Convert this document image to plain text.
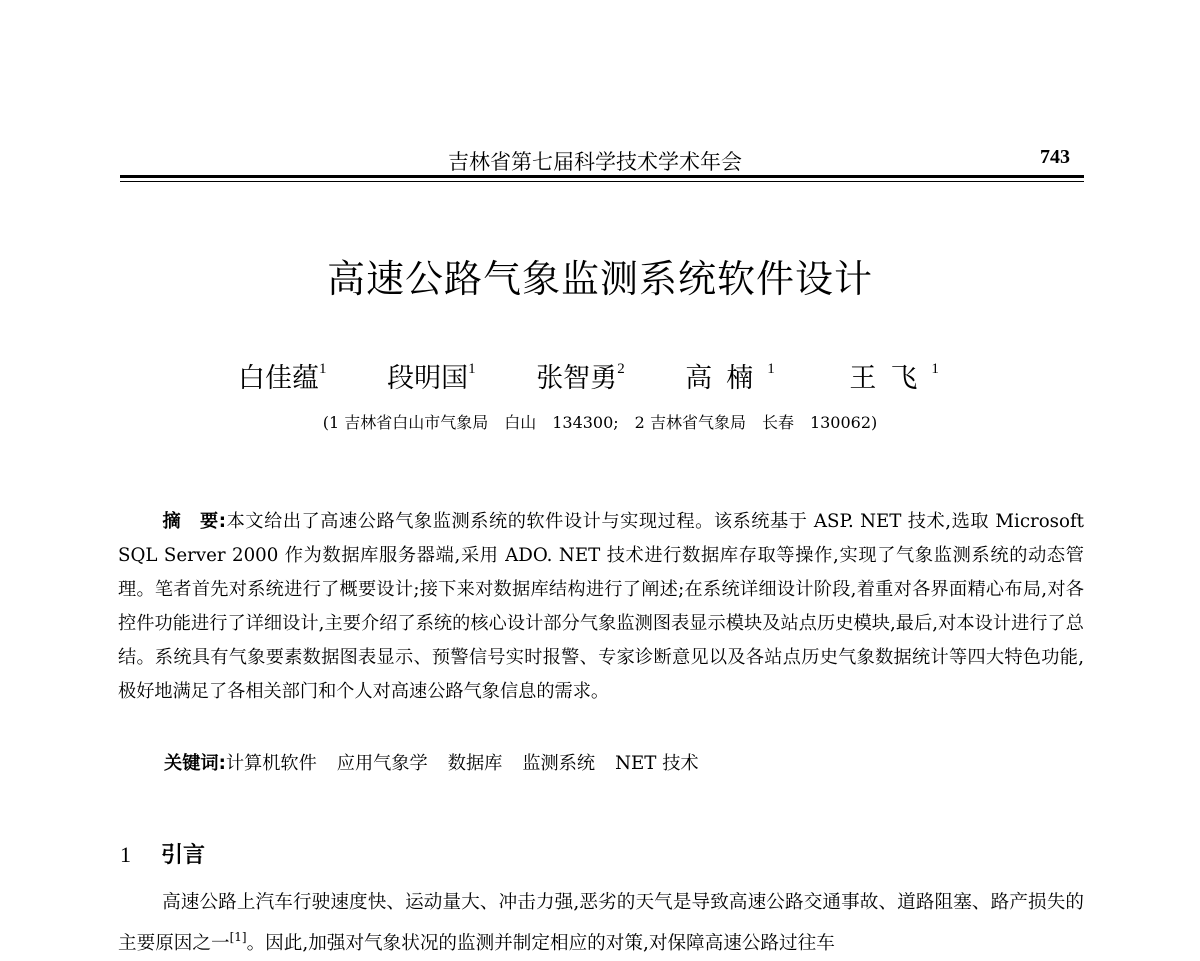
吉林省第七届科学技术学术年会	743
高速公路气象监测系统软件设计
白佳蕴$^1$ 段明国$^1$ 张智勇$^2$ 高楠$^1$ 王飞$^1$
(1 吉林省白山市气象局　白山　134300;　2 吉林省气象局　长春　130062)
摘　要:本文给出了高速公路气象监测系统的软件设计与实现过程。该系统基于 ASP. NET 技术,选取 Microsoft SQL Server 2000 作为数据库服务器端,采用 ADO. NET 技术进行数据库存取等操作,实现了气象监测系统的动态管理。笔者首先对系统进行了概要设计;接下来对数据库结构进行了阐述;在系统详细设计阶段,着重对各界面精心布局,对各控件功能进行了详细设计,主要介绍了系统的核心设计部分气象监测图表显示模块及站点历史模块,最后,对本设计进行了总结。系统具有气象要素数据图表显示、预警信号实时报警、专家诊断意见以及各站点历史气象数据统计等四大特色功能,极好地满足了各相关部门和个人对高速公路气象信息的需求。
关键词:计算机软件 应用气象学 数据库 监测系统 NET 技术
1 引言
高速公路上汽车行驶速度快、运动量大、冲击力强,恶劣的天气是导致高速公路交通事故、道路阻塞、路产损失的主要原因之一[1]。因此,加强对气象状况的监测并制定相应的对策,对保障高速公路过往车
